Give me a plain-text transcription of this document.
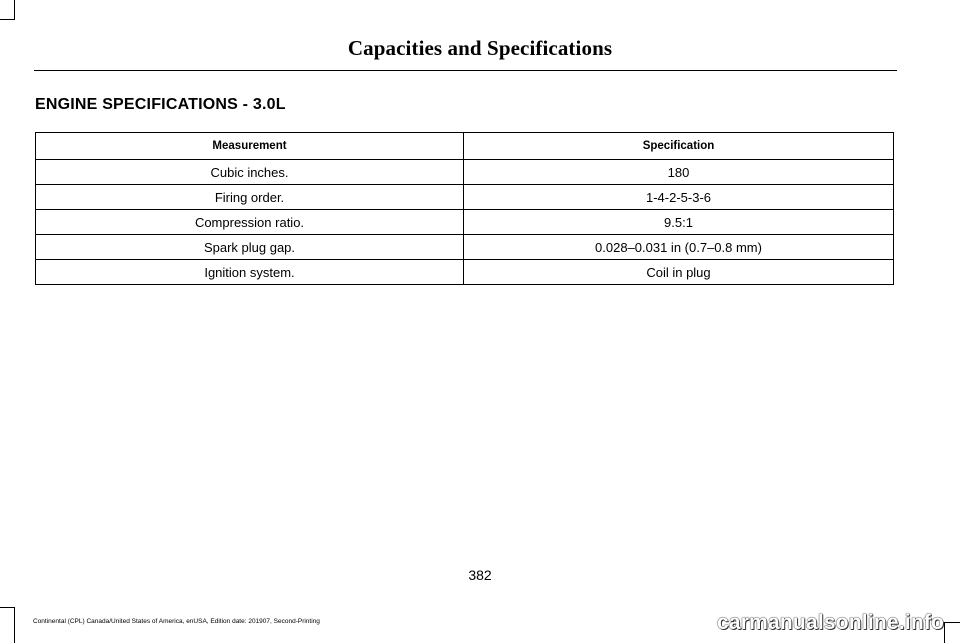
Capacities and Specifications
ENGINE SPECIFICATIONS - 3.0L
Measurement	Specification
Cubic inches.	180
Firing order.	1-4-2-5-3-6
Compression ratio.	9.5:1
Spark plug gap.	0.028–0.031 in (0.7–0.8 mm)
Ignition system.	Coil in plug
382
Continental (CPL) Canada/United States of America, enUSA, Edition date: 201907, Second-Printing	carmanualsonline.info
